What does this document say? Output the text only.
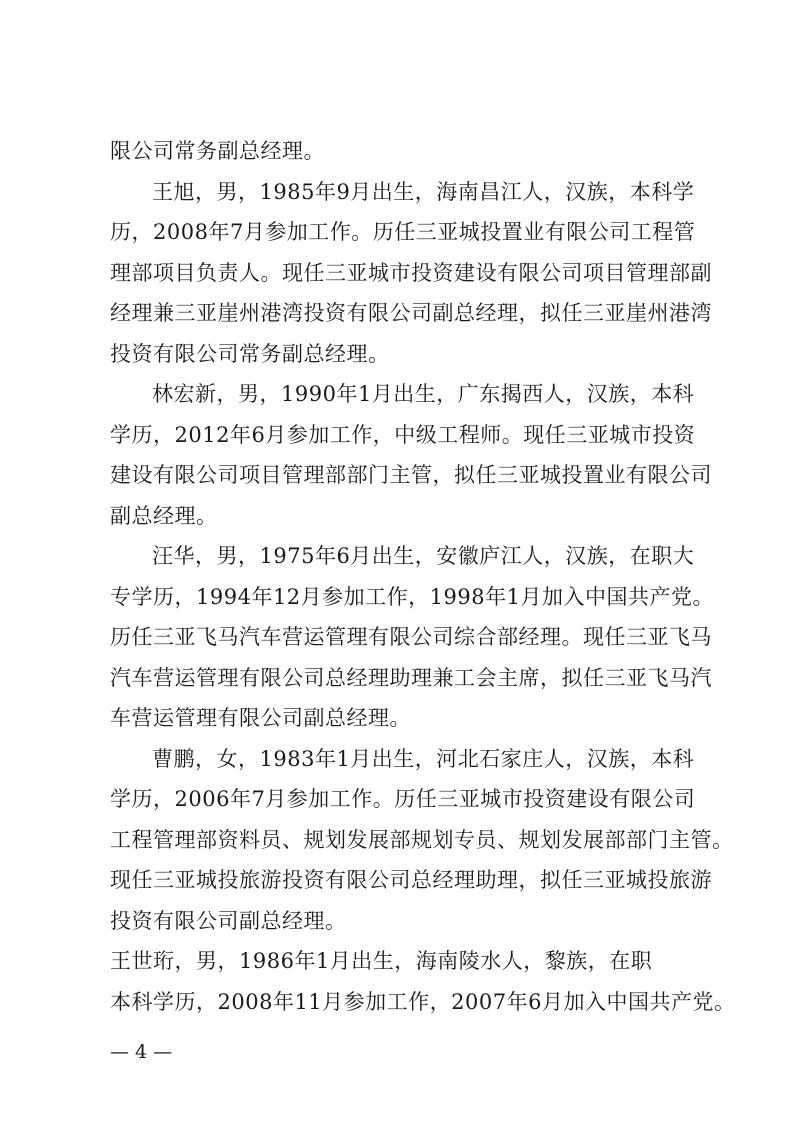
限公司常务副总经理。
王旭，男，1985年9月出生，海南昌江人，汉族，本科学
历，2008年7月参加工作。历任三亚城投置业有限公司工程管
理部项目负责人。现任三亚城市投资建设有限公司项目管理部副
经理兼三亚崖州港湾投资有限公司副总经理，拟任三亚崖州港湾
投资有限公司常务副总经理。
林宏新，男，1990年1月出生，广东揭西人，汉族，本科
学历，2012年6月参加工作，中级工程师。现任三亚城市投资
建设有限公司项目管理部部门主管，拟任三亚城投置业有限公司
副总经理。
汪华，男，1975年6月出生，安徽庐江人，汉族，在职大
专学历，1994年12月参加工作，1998年1月加入中国共产党。
历任三亚飞马汽车营运管理有限公司综合部经理。现任三亚飞马
汽车营运管理有限公司总经理助理兼工会主席，拟任三亚飞马汽
车营运管理有限公司副总经理。
曹鹏，女，1983年1月出生，河北石家庄人，汉族，本科
学历，2006年7月参加工作。历任三亚城市投资建设有限公司
工程管理部资料员、规划发展部规划专员、规划发展部部门主管。
现任三亚城投旅游投资有限公司总经理助理，拟任三亚城投旅游
投资有限公司副总经理。
王世珩，男，1986年1月出生，海南陵水人，黎族，在职
本科学历，2008年11月参加工作，2007年6月加入中国共产党。
— 4 —
